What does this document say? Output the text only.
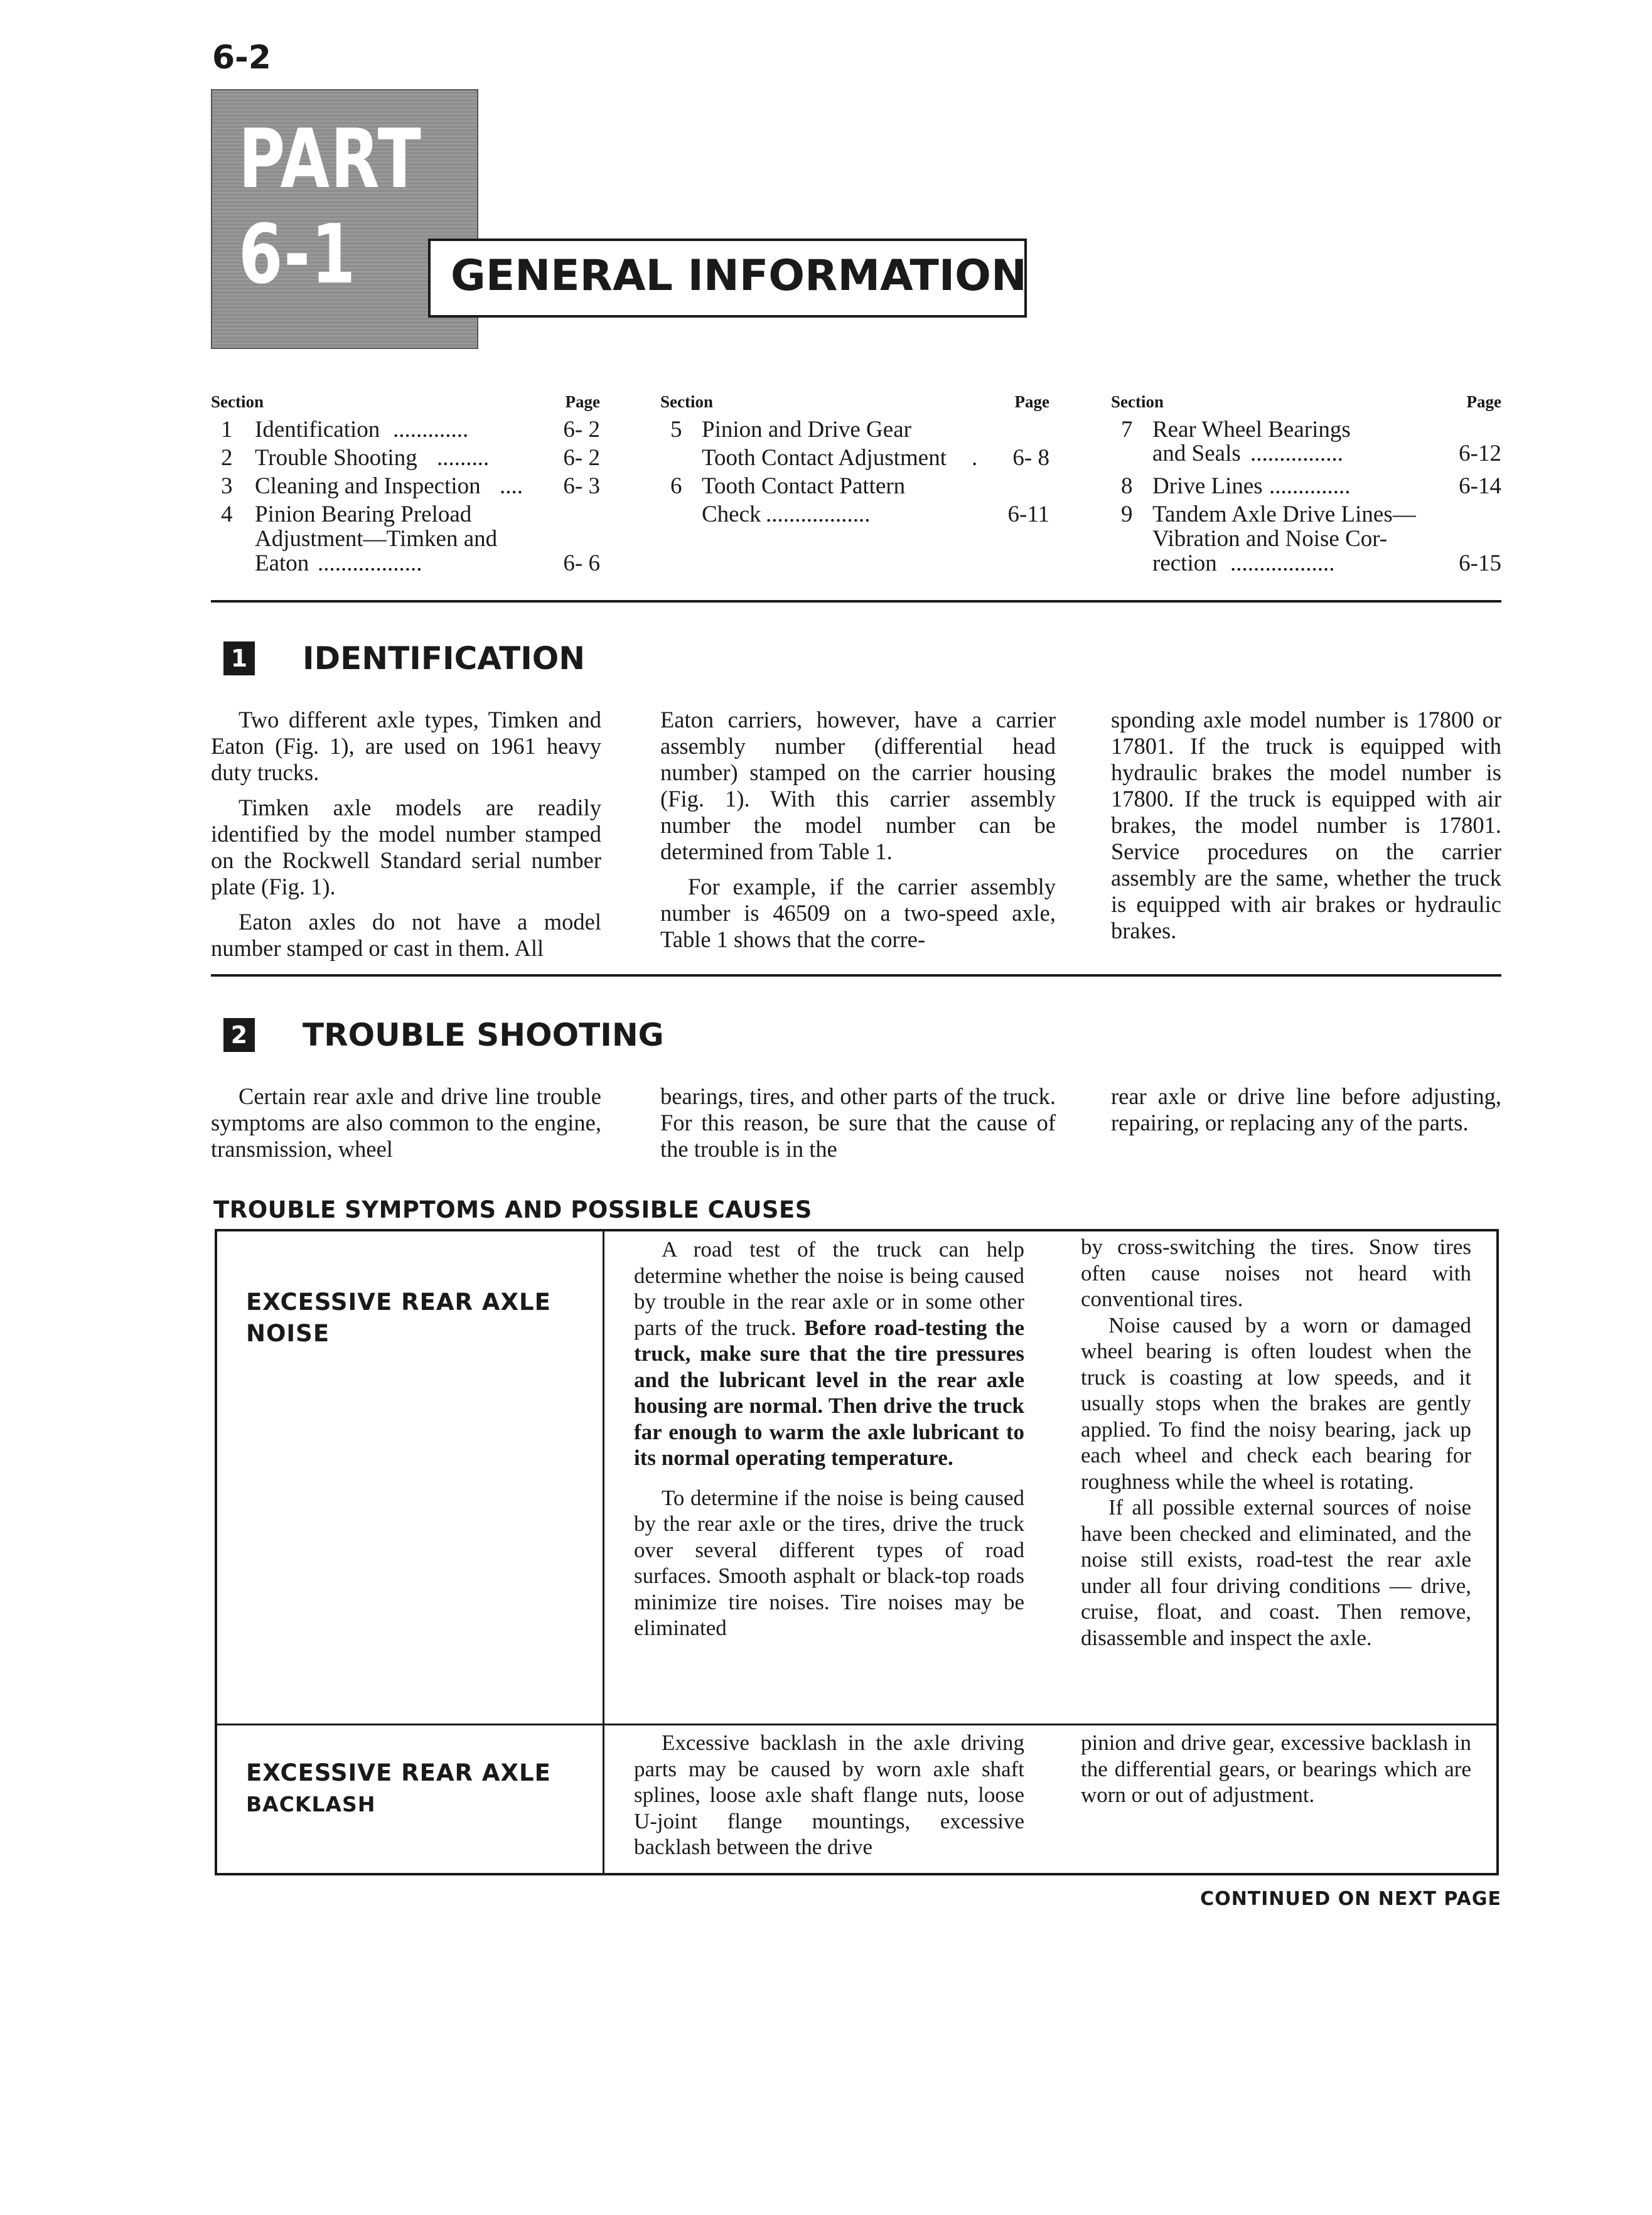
6-2
PART
6-1 GENERAL INFORMATION
Section	Page
1 Identification .............	6- 2
2 Trouble Shooting .........	6- 2
3 Cleaning and Inspection .... 6- 3
4 Pinion Bearing Preload
Adjustment—Timken and
Eaton ..................	6- 6
Section	Page
5 Pinion and Drive Gear
Tooth Contact Adjustment . 6- 8
6 Tooth Contact Pattern
Check ..................	6-11
Section	Page
7 Rear Wheel Bearings
and Seals ................	6-12
8 Drive Lines ..............	6-14
9 Tandem Axle Drive Lines—
Vibration and Noise Cor-
rection ..................	6-15
1 IDENTIFICATION

Two different axle types, Timken and Eaton (Fig. 1), are used on 1961 heavy duty trucks.

Timken axle models are readily identified by the model number stamped on the Rockwell Standard serial number plate (Fig. 1).

Eaton axles do not have a model number stamped or cast in them. All

Eaton carriers, however, have a carrier assembly number (differential head number) stamped on the carrier housing (Fig. 1). With this carrier assembly number the model number can be determined from Table 1.

For example, if the carrier assembly number is 46509 on a two-speed axle, Table 1 shows that the corre-

sponding axle model number is 17800 or 17801. If the truck is equipped with hydraulic brakes the model number is 17800. If the truck is equipped with air brakes, the model number is 17801. Service procedures on the carrier assembly are the same, whether the truck is equipped with air brakes or hydraulic brakes.

2 TROUBLE SHOOTING

Certain rear axle and drive line trouble symptoms are also common to the engine, transmission, wheel

bearings, tires, and other parts of the truck. For this reason, be sure that the cause of the trouble is in the

rear axle or drive line before adjusting, repairing, or replacing any of the parts.

TROUBLE SYMPTOMS AND POSSIBLE CAUSES
EXCESSIVE REAR AXLE
NOISE

A road test of the truck can help determine whether the noise is being caused by trouble in the rear axle or in some other parts of the truck. Before road-testing the truck, make sure that the tire pressures and the lubricant level in the rear axle housing are normal. Then drive the truck far enough to warm the axle lubricant to its normal operating temperature.

To determine if the noise is being caused by the rear axle or the tires, drive the truck over several different types of road surfaces. Smooth asphalt or black-top roads minimize tire noises. Tire noises may be eliminated

by cross-switching the tires. Snow tires often cause noises not heard with conventional tires.

Noise caused by a worn or damaged wheel bearing is often loudest when the truck is coasting at low speeds, and it usually stops when the brakes are gently applied. To find the noisy bearing, jack up each wheel and check each bearing for roughness while the wheel is rotating.

If all possible external sources of noise have been checked and eliminated, and the noise still exists, road-test the rear axle under all four driving conditions — drive, cruise, float, and coast. Then remove, disassemble and inspect the axle.

EXCESSIVE REAR AXLE
BACKLASH

Excessive backlash in the axle driving parts may be caused by worn axle shaft splines, loose axle shaft flange nuts, loose U-joint flange mountings, excessive backlash between the drive

pinion and drive gear, excessive backlash in the differential gears, or bearings which are worn or out of adjustment.

CONTINUED ON NEXT PAGE
